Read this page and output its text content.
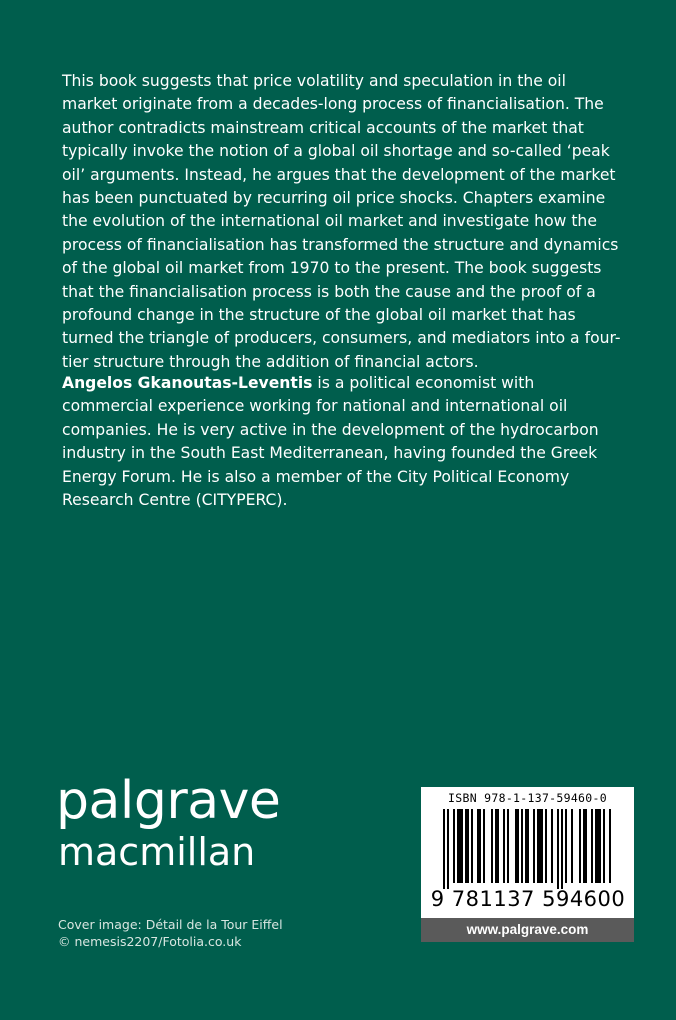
This book suggests that price volatility and speculation in the oil market originate from a decades-long process of financialisation. The author contradicts mainstream critical accounts of the market that typically invoke the notion of a global oil shortage and so-called ‘peak oil’ arguments. Instead, he argues that the development of the market has been punctuated by recurring oil price shocks. Chapters examine the evolution of the international oil market and investigate how the process of financialisation has transformed the structure and dynamics of the global oil market from 1970 to the present. The book suggests that the financialisation process is both the cause and the proof of a profound change in the structure of the global oil market that has turned the triangle of producers, consumers, and mediators into a four-tier structure through the addition of financial actors.

Angelos Gkanoutas-Leventis is a political economist with commercial experience working for national and international oil companies. He is very active in the development of the hydrocarbon industry in the South East Mediterranean, having founded the Greek Energy Forum. He is also a member of the City Political Economy Research Centre (CITYPERC).

palgrave
macmillan
Cover image: Détail de la Tour Eiffel
© nemesis2207/Fotolia.co.uk
ISBN 978-1-137-59460-0
9 781137 594600
www.palgrave.com
